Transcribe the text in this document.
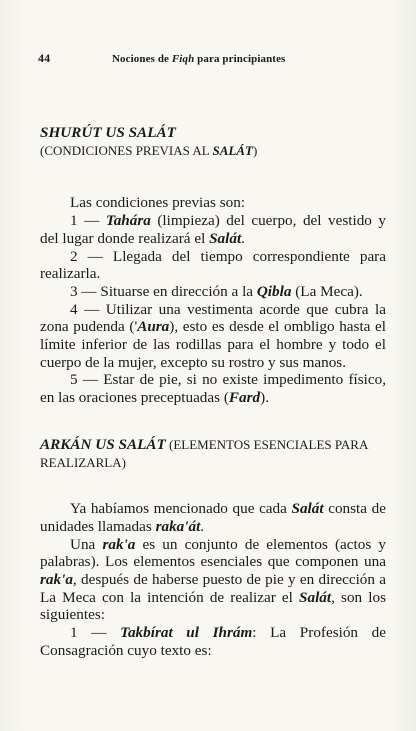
44	Nociones de Fiqh para principiantes

SHURÚT US SALÁT
(CONDICIONES PREVIAS AL SALÁT)

Las condiciones previas son:

1 — Tahára (limpieza) del cuerpo, del vestido y del lugar donde realizará el Salát.

2 — Llegada del tiempo correspondiente para realizarla.

3 — Situarse en dirección a la Qibla (La Meca).

4 — Utilizar una vestimenta acorde que cubra la zona pudenda ('Aura), esto es desde el ombligo hasta el límite inferior de las rodillas para el hombre y todo el cuerpo de la mujer, excepto su rostro y sus manos.

5 — Estar de pie, si no existe impedimento físico, en las oraciones preceptuadas (Fard).

ARKÁN US SALÁT (ELEMENTOS ESENCIALES PARA REALIZARLA)

Ya habíamos mencionado que cada Salát consta de unidades llamadas raka'át.

Una rak'a es un conjunto de elementos (actos y palabras). Los elementos esenciales que componen una rak'a, después de haberse puesto de pie y en dirección a La Meca con la intención de realizar el Salát, son los siguientes:

1 — Takbírat ul Ihrám: La Profesión de Consagración cuyo texto es:
